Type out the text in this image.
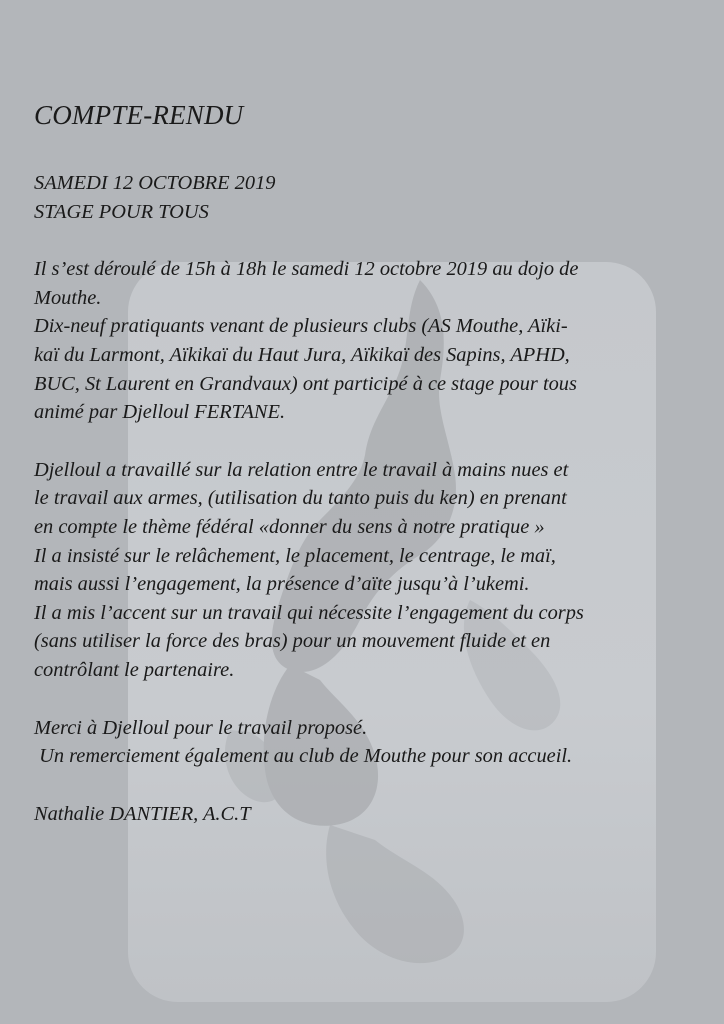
COMPTE-RENDU
SAMEDI 12 OCTOBRE 2019
STAGE POUR TOUS
Il s’est déroulé de 15h à 18h le samedi 12 octobre 2019 au dojo de
Mouthe.
Dix-neuf pratiquants venant de plusieurs clubs (AS Mouthe, Aïki-
kaï du Larmont, Aïkikaï du Haut Jura, Aïkikaï des Sapins, APHD,
BUC, St Laurent en Grandvaux) ont participé à ce stage pour tous
animé par Djelloul FERTANE.
Djelloul a travaillé sur la relation entre le travail à mains nues et
le travail aux armes, (utilisation du tanto puis du ken) en prenant
en compte le thème fédéral «donner du sens à notre pratique »
Il a insisté sur le relâchement, le placement, le centrage, le maï,
mais aussi l’engagement, la présence d’aïte jusqu’à l’ukemi.
Il a mis l’accent sur un travail qui nécessite l’engagement du corps
(sans utiliser la force des bras) pour un mouvement fluide et en
contrôlant le partenaire.
Merci à Djelloul pour le travail proposé.
Un remerciement également au club de Mouthe pour son accueil.
Nathalie DANTIER, A.C.T
